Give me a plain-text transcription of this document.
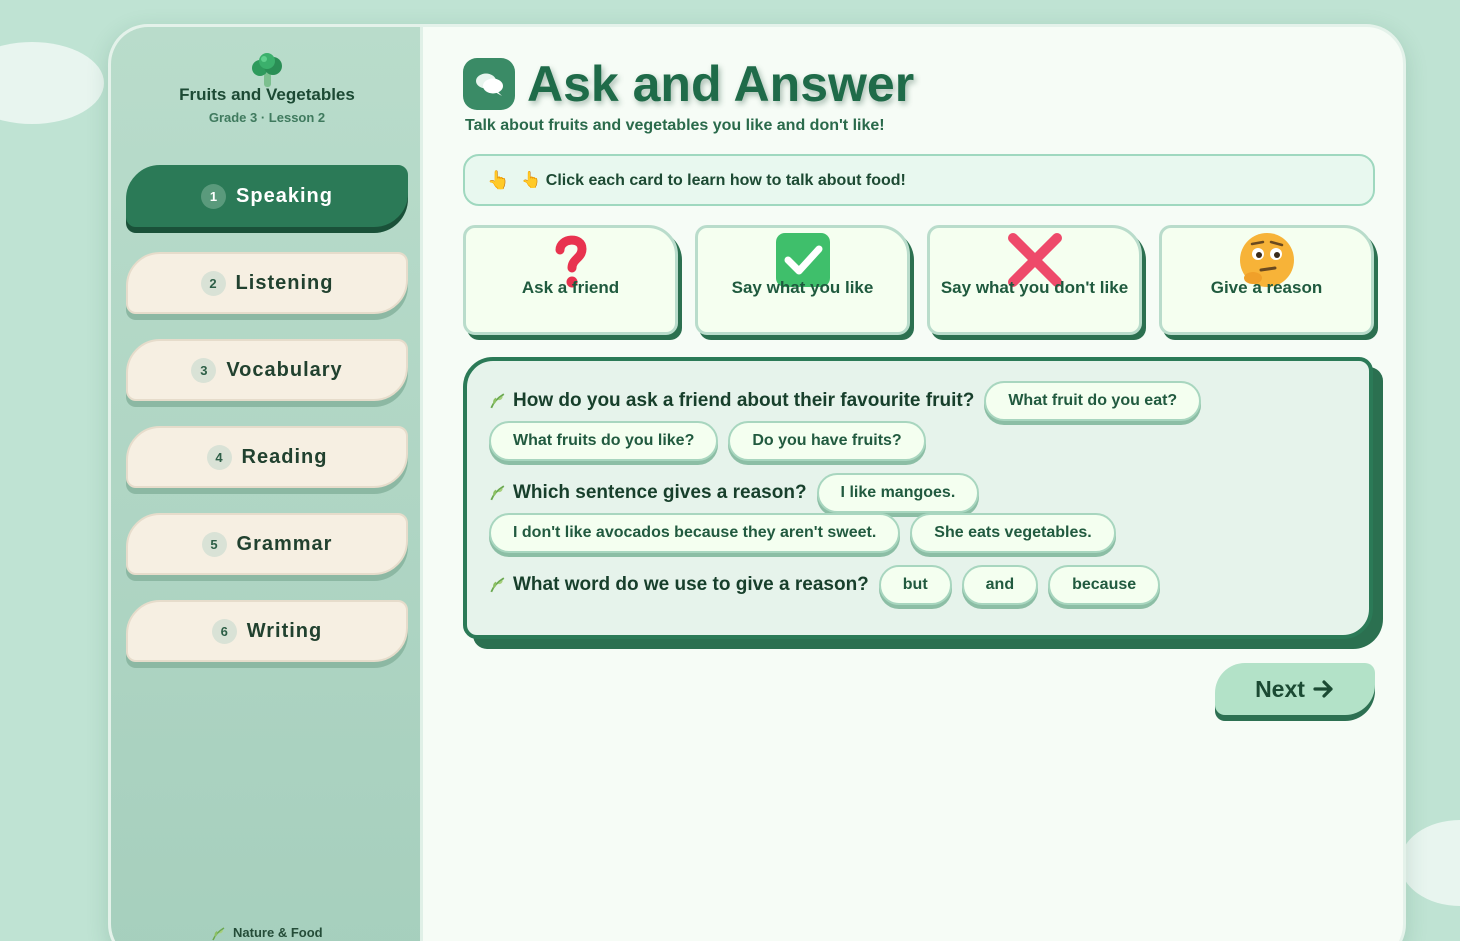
Fruits and Vegetables
Grade 3 · Lesson 2
1 Speaking
2 Listening
3 Vocabulary
4 Reading
5 Grammar
6 Writing
Nature & Food
Ask and Answer
Talk about fruits and vegetables you like and don't like!
👆 👆 Click each card to learn how to talk about food!
Ask a friend	Say what you like	Say what you don't like	Give a reason
How do you ask a friend about their favourite fruit?	What fruit do you eat?
What fruits do you like?	Do you have fruits?
Which sentence gives a reason?	I like mangoes.
I don't like avocados because they aren't sweet.	She eats vegetables.
What word do we use to give a reason?	but	and	because
Next
